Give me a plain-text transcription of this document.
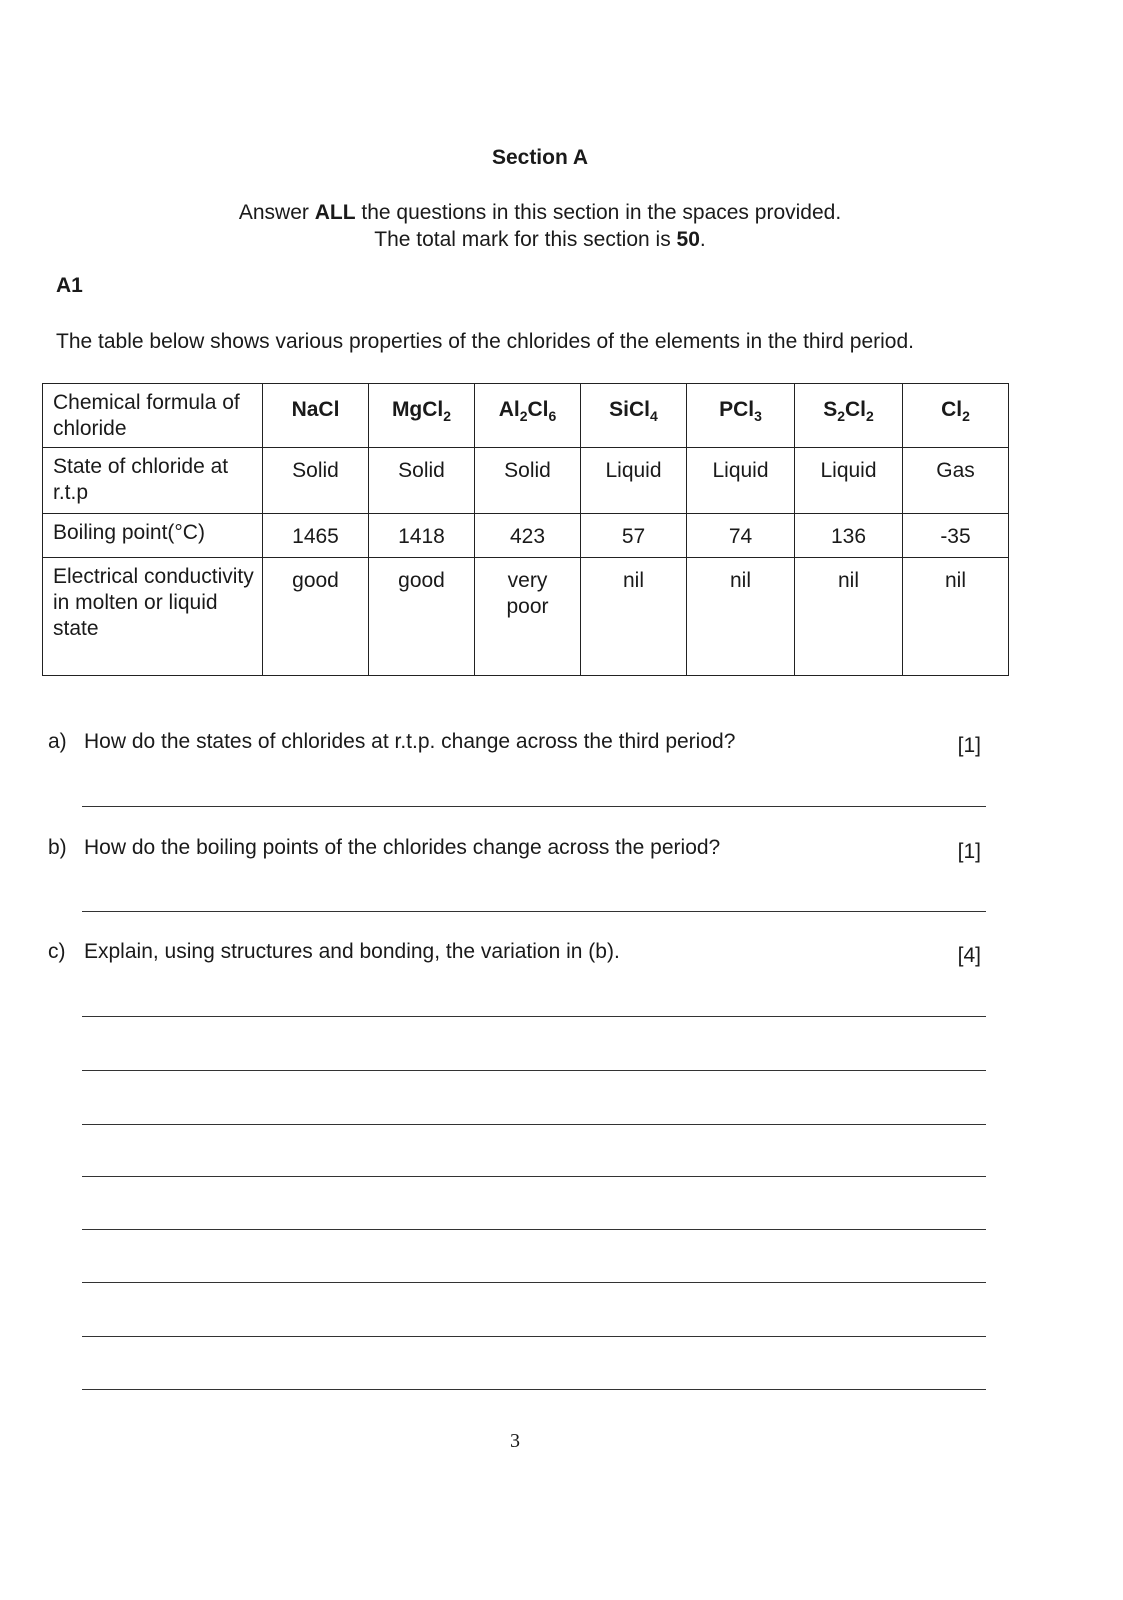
Section A
Answer ALL the questions in this section in the spaces provided.
The total mark for this section is 50.
A1
The table below shows various properties of the chlorides of the elements in the third period.
Chemical formula of chloride	NaCl	MgCl$_2$	$Al_2Cl_6$	SiCl$_4$	PCl$_3$	$S_2Cl_2$	$Cl_2$
State of chloride at r.t.p	Solid	Solid	Solid	Liquid	Liquid	Liquid	Gas
Boiling point(°C)	1465	1418	423	57	74	136	-35
Electrical conductivity in molten or liquid state	good	good	very poor	nil	nil	nil	nil
a) How do the states of chlorides at r.t.p. change across the third period?	[1]
b) How do the boiling points of the chlorides change across the period?	[1]
c) Explain, using structures and bonding, the variation in (b).	[4]
3
